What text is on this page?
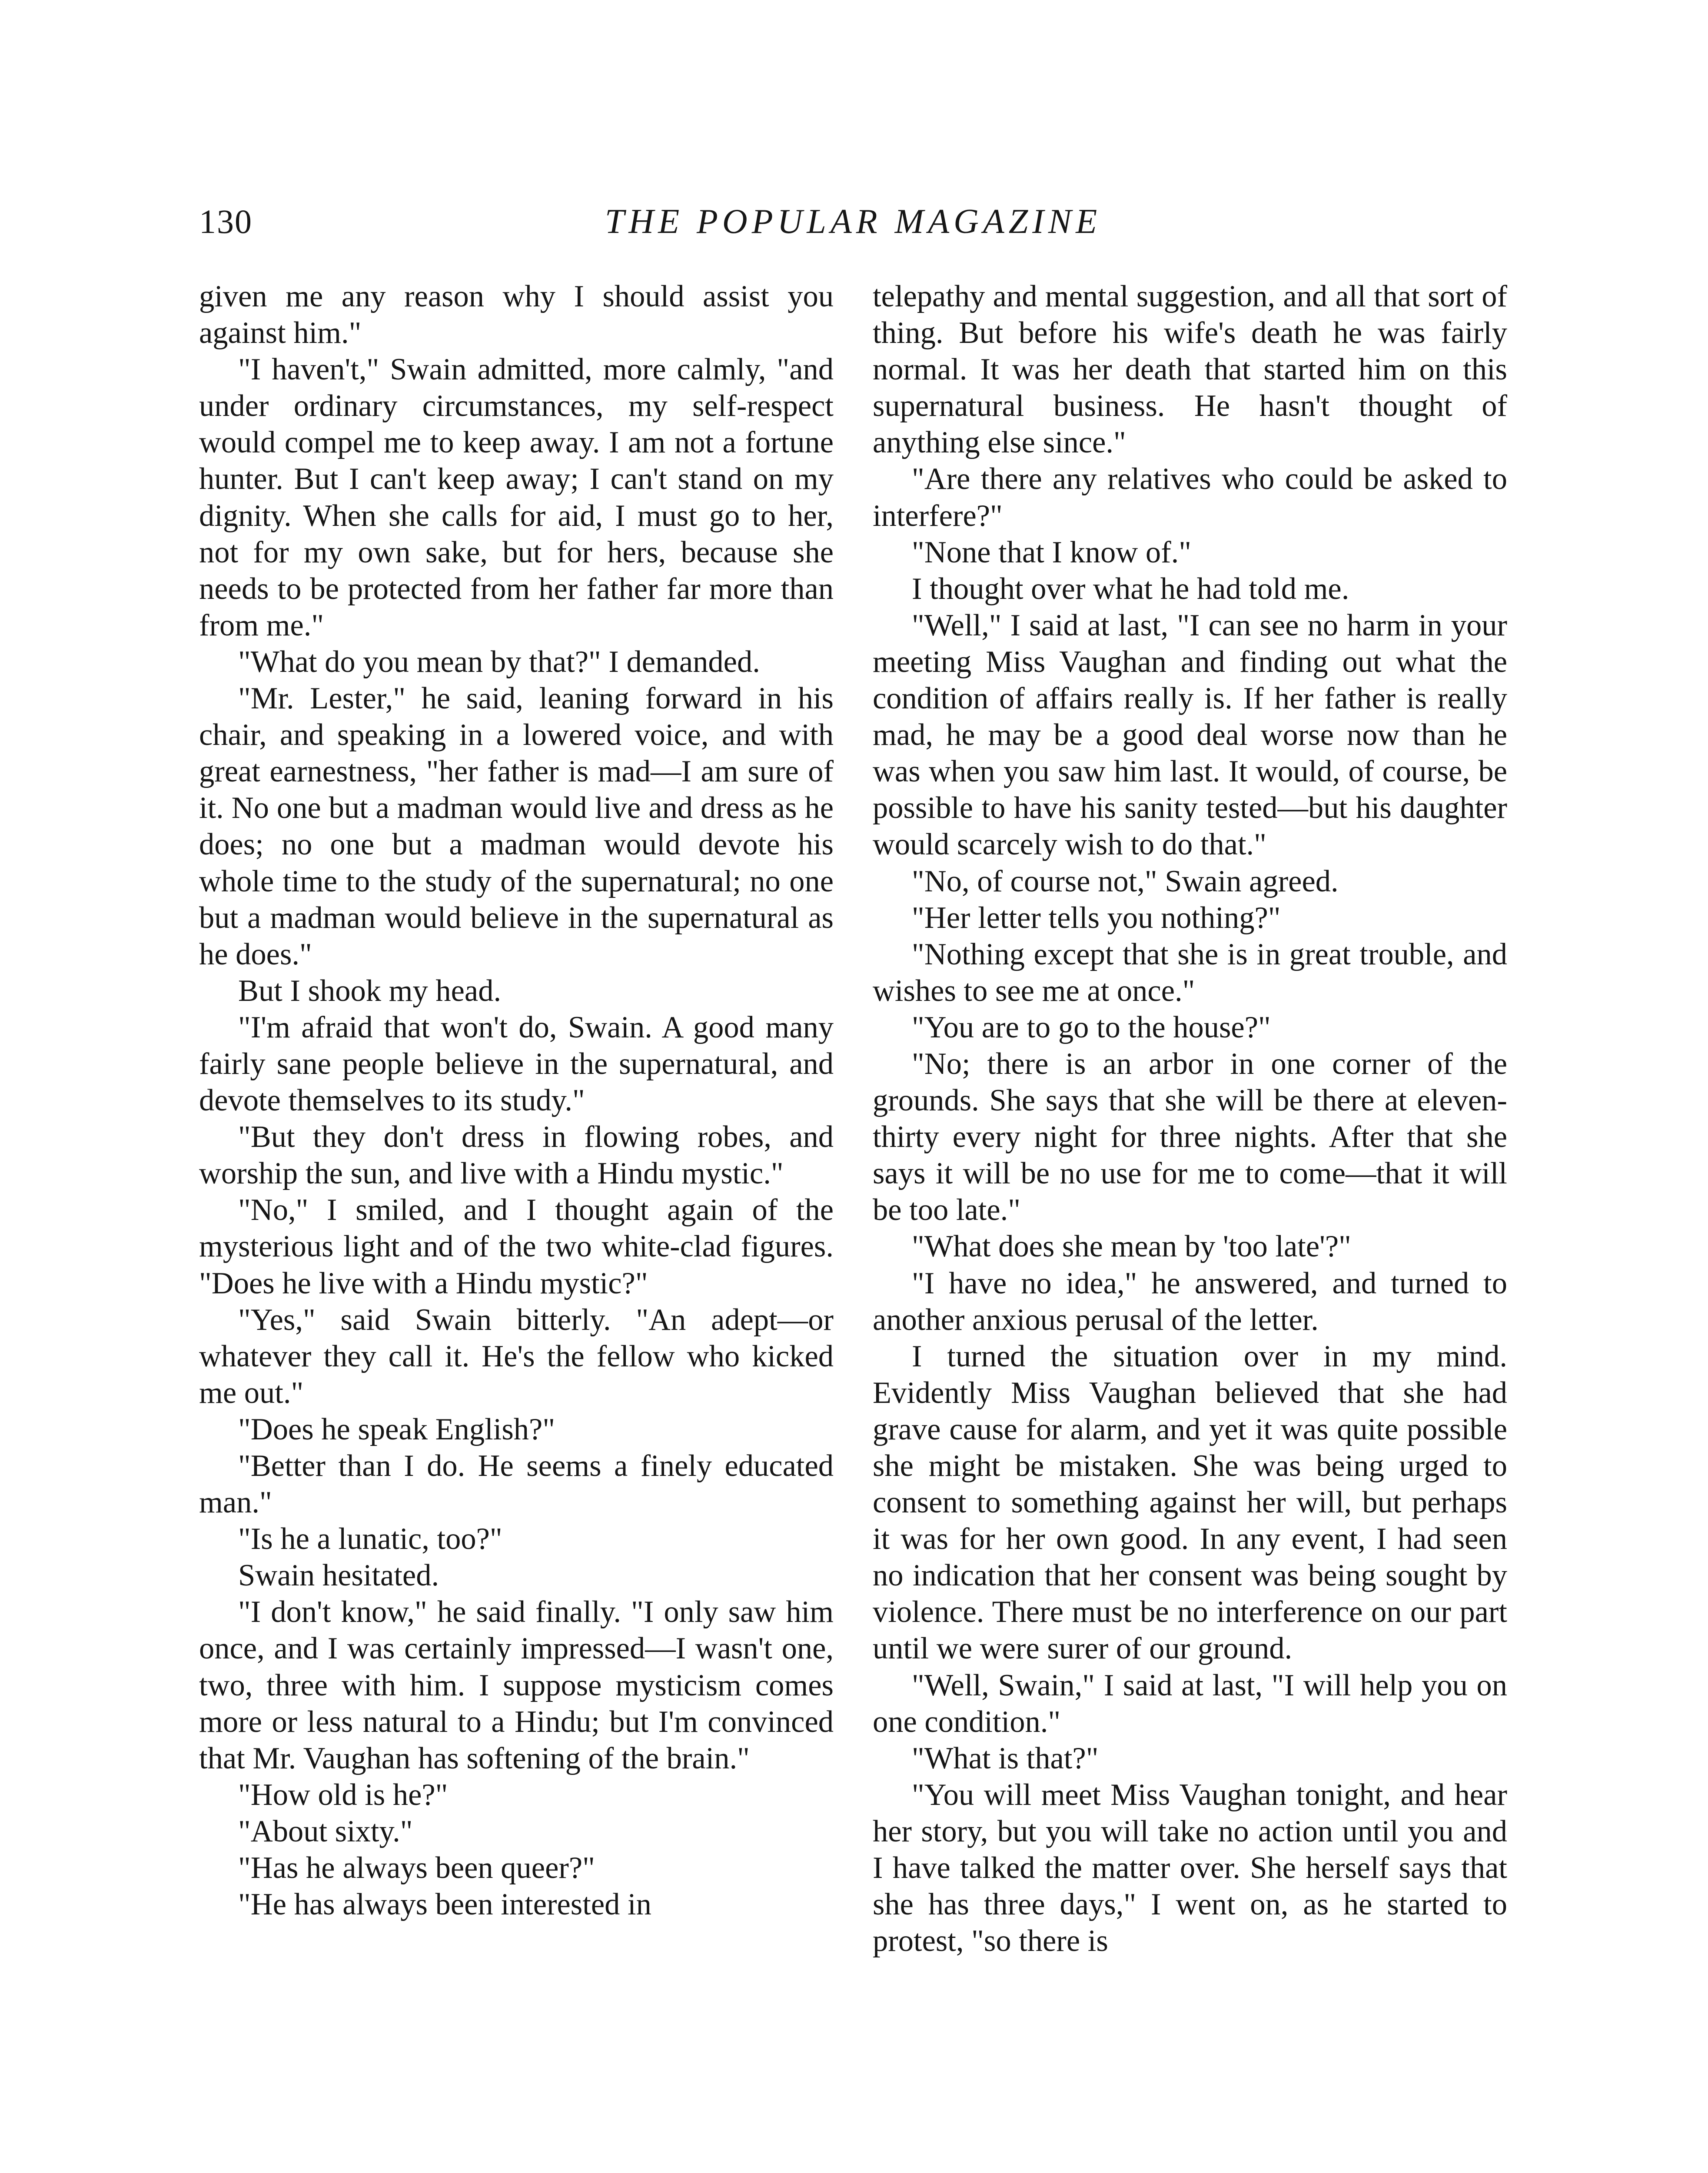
130	THE POPULAR MAGAZINE

given me any reason why I should assist you against him."

"I haven't," Swain admitted, more calmly, "and under ordinary circumstances, my self-respect would compel me to keep away. I am not a fortune hunter. But I can't keep away; I can't stand on my dignity. When she calls for aid, I must go to her, not for my own sake, but for hers, because she needs to be protected from her father far more than from me."

"What do you mean by that?" I demanded.

"Mr. Lester," he said, leaning forward in his chair, and speaking in a lowered voice, and with great earnestness, "her father is mad—I am sure of it. No one but a madman would live and dress as he does; no one but a madman would devote his whole time to the study of the supernatural; no one but a madman would believe in the supernatural as he does."

But I shook my head.

"I'm afraid that won't do, Swain. A good many fairly sane people believe in the supernatural, and devote themselves to its study."

"But they don't dress in flowing robes, and worship the sun, and live with a Hindu mystic."

"No," I smiled, and I thought again of the mysterious light and of the two white-clad figures. "Does he live with a Hindu mystic?"

"Yes," said Swain bitterly. "An adept—or whatever they call it. He's the fellow who kicked me out."

"Does he speak English?"

"Better than I do. He seems a finely educated man."

"Is he a lunatic, too?"

Swain hesitated.

"I don't know," he said finally. "I only saw him once, and I was certainly impressed—I wasn't one, two, three with him. I suppose mysticism comes more or less natural to a Hindu; but I'm convinced that Mr. Vaughan has softening of the brain."

"How old is he?"

"About sixty."

"Has he always been queer?"

"He has always been interested in

telepathy and mental suggestion, and all that sort of thing. But before his wife's death he was fairly normal. It was her death that started him on this supernatural business. He hasn't thought of anything else since."

"Are there any relatives who could be asked to interfere?"

"None that I know of."

I thought over what he had told me.

"Well," I said at last, "I can see no harm in your meeting Miss Vaughan and finding out what the condition of affairs really is. If her father is really mad, he may be a good deal worse now than he was when you saw him last. It would, of course, be possible to have his sanity tested—but his daughter would scarcely wish to do that."

"No, of course not," Swain agreed.

"Her letter tells you nothing?"

"Nothing except that she is in great trouble, and wishes to see me at once."

"You are to go to the house?"

"No; there is an arbor in one corner of the grounds. She says that she will be there at eleven-thirty every night for three nights. After that she says it will be no use for me to come—that it will be too late."

"What does she mean by 'too late'?"

"I have no idea," he answered, and turned to another anxious perusal of the letter.

I turned the situation over in my mind. Evidently Miss Vaughan believed that she had grave cause for alarm, and yet it was quite possible she might be mistaken. She was being urged to consent to something against her will, but perhaps it was for her own good. In any event, I had seen no indication that her consent was being sought by violence. There must be no interference on our part until we were surer of our ground.

"Well, Swain," I said at last, "I will help you on one condition."

"What is that?"

"You will meet Miss Vaughan tonight, and hear her story, but you will take no action until you and I have talked the matter over. She herself says that she has three days," I went on, as he started to protest, "so there is
